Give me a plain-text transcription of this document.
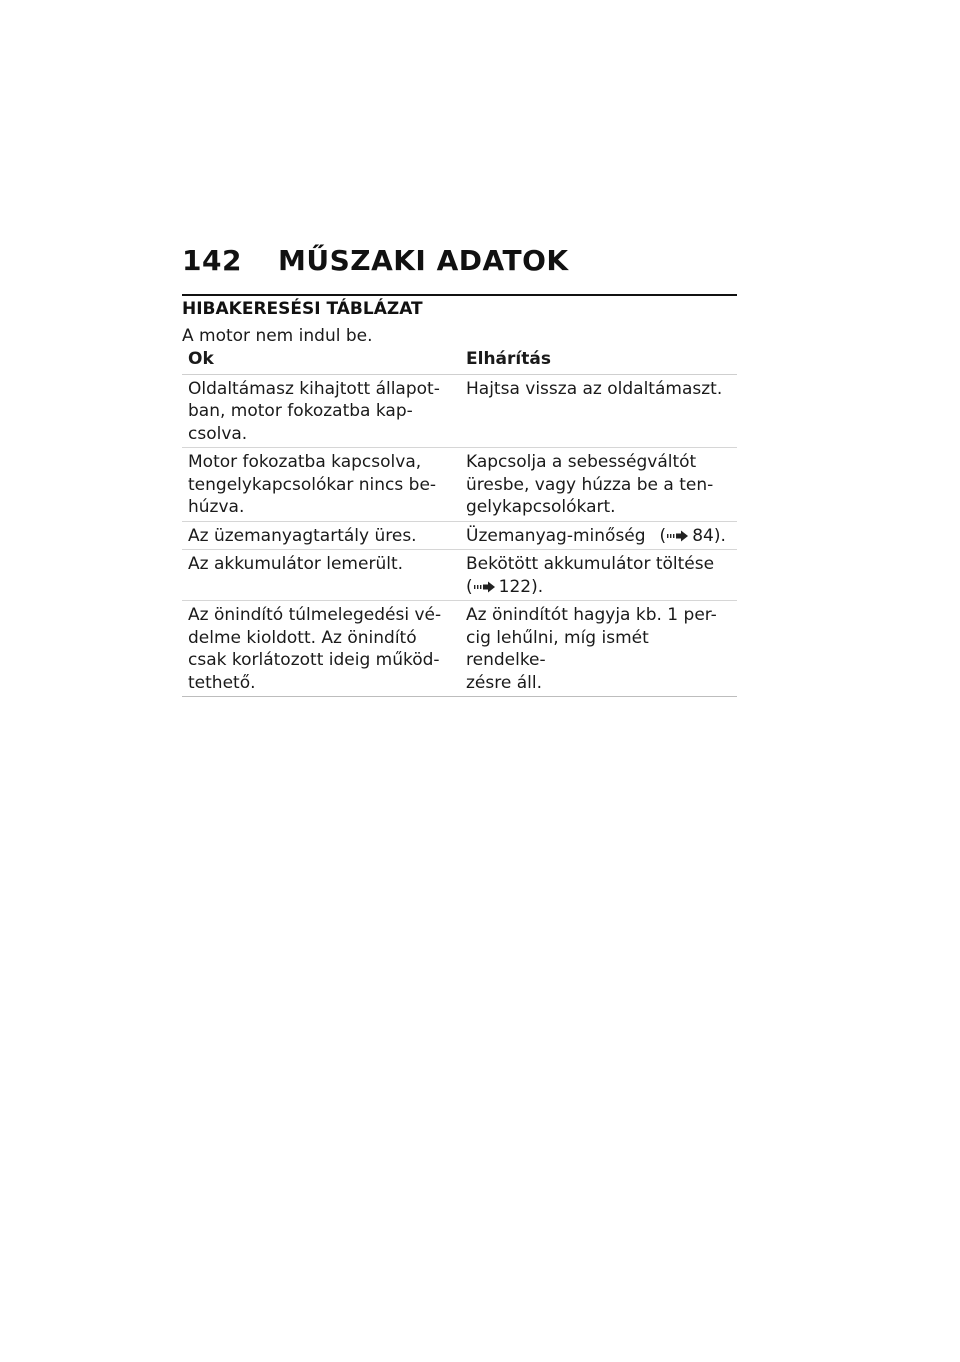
142	MŰSZAKI ADATOK
HIBAKERESÉSI TÁBLÁZAT
A motor nem indul be.
Ok	Elhárítás
Oldaltámasz kihajtott állapot-
ban, motor fokozatba kap-
csolva.	Hajtsa vissza az oldaltámaszt.
Motor fokozatba kapcsolva,
tengelykapcsolókar nincs be-
húzva.	Kapcsolja a sebességváltót
üresbe, vagy húzza be a ten-
gelykapcsolókart.
Az üzemanyagtartály üres.	Üzemanyag-minőség ( 84).
Az akkumulátor lemerült.	Bekötött akkumulátor töltése
( 122).
Az önindító túlmelegedési vé-
delme kioldott. Az önindító
csak korlátozott ideig működ-
tethető.	Az önindítót hagyja kb. 1 per-
cig lehűlni, míg ismét rendelke-
zésre áll.
